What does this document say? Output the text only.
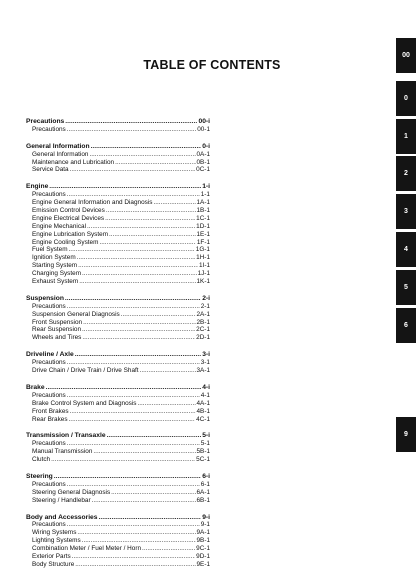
TABLE OF CONTENTS
Precautions .....	00-i
Precautions .....	00-1
General Information .....	0-i
General Information .....	0A-1
Maintenance and Lubrication .....	0B-1
Service Data .....	0C-1
Engine .....	1-i
Precautions .....	1-1
Engine General Information and Diagnosis .....	1A-1
Emission Control Devices .....	1B-1
Engine Electrical Devices .....	1C-1
Engine Mechanical .....	1D-1
Engine Lubrication System .....	1E-1
Engine Cooling System .....	1F-1
Fuel System .....	1G-1
Ignition System .....	1H-1
Starting System .....	1I-1
Charging System .....	1J-1
Exhaust System .....	1K-1
Suspension .....	2-i
Precautions .....	2-1
Suspension General Diagnosis .....	2A-1
Front Suspension .....	2B-1
Rear Suspension .....	2C-1
Wheels and Tires .....	2D-1
Driveline / Axle .....	3-i
Precautions .....	3-1
Drive Chain / Drive Train / Drive Shaft .....	3A-1
Brake .....	4-i
Precautions .....	4-1
Brake Control System and Diagnosis .....	4A-1
Front Brakes .....	4B-1
Rear Brakes .....	4C-1
Transmission / Transaxle .....	5-i
Precautions .....	5-1
Manual Transmission .....	5B-1
Clutch .....	5C-1
Steering .....	6-i
Precautions .....	6-1
Steering General Diagnosis .....	6A-1
Steering / Handlebar .....	6B-1
Body and Accessories .....	9-i
Precautions .....	9-1
Wiring Systems .....	9A-1
Lighting Systems .....	9B-1
Combination Meter / Fuel Meter / Horn .....	9C-1
Exterior Parts .....	9D-1
Body Structure .....	9E-1
00
0
1
2
3
4
5
6
9
